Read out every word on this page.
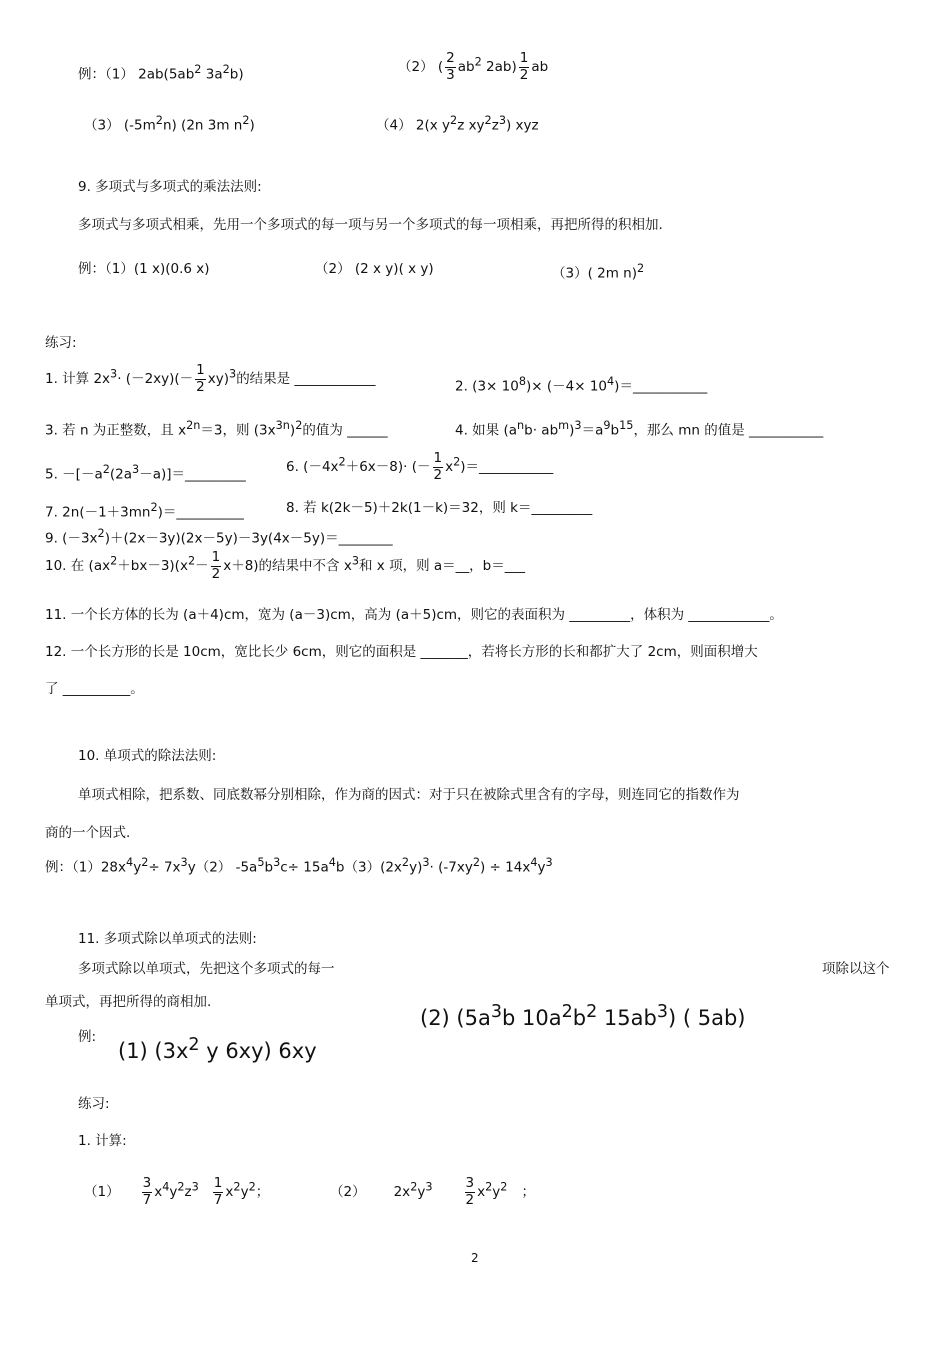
例：（1） $2ab(5ab^2$ $3a^2b$)	（2） ( $\frac{2}{3} ab^2$ $2ab) \frac{1}{2}$ ab
（3） $(-5m^2n)$ (2n 3m $n^2$)	（4） 2(x $y^2z$ $xy^2z^3$) xyz
9. 多项式与多项式的乘法法则:
多项式与多项式相乘，先用一个多项式的每一项与另一个多项式的每一项相乘，再把所得的积相加.
例：（1）(1 x)(0.6 x)	（2） (2 x y)( x y)	（3）( 2m n)$^2$
练习:
1. 计算 $2x^3\cdot (-2xy)(- \frac{1}{2} xy)^3$的结果是 ____________	2. $(3\times 10^8)\times (-4\times$ $10^4)=\_\_\_\_\_\_\_\_\_\_\_$
3. 若 n 为正整数，且 $x^{2n}=3$，则 $(3x^{3n})^2$的值为 ______	4. 如果 $(a^nb\cdot ab^m)^3=a^9b^{15}$，那么 mn 的值是 ___________
5. $-[-a^2(2a^3-a)]=\_\_\_\_\_\_\_\_\_$	6. $(-4x^2+6x-8)\cdot$ (－ $\frac{1}{2}$ $x^2)=\_\_\_\_\_\_\_\_\_\_\_$
7. $2n(-1+3mn^2)=\_\_\_\_\_\_\_\_\_\_$	8. 若 k(2k－5)＋2k(1－k)＝32，则 k＝_________
9. $(-3x^2)+(2x-3y)(2x-5y)-3y(4x-5y)=\_\_\_\_\_\_\_\_$
10. 在 $(ax^2+bx-3)(x^2- \frac{1}{2} x+8)$的结果中不含 $x^3$和 x 项，则 a＝__，b＝___
11. 一个长方体的长为 (a＋4)cm，宽为 (a－3)cm，高为 (a＋5)cm，则它的表面积为 _________，体积为 ____________。
12. 一个长方形的长是 10cm，宽比长少 6cm，则它的面积是 _______，若将长方形的长和都扩大了 2cm，则面积增大
了 __________。
10. 单项式的除法法则:
单项式相除，把系数、同底数幂分别相除，作为商的因式：对于只在被除式里含有的字母，则连同它的指数作为
商的一个因式.
例：$(1)28x^4y^2\div 7x^3y(2)$ $-5a^5b^3c\div 15a^4b(3)(2x^2y)^3\cdot (-7xy^2) \div 14x^4y^3$
11. 多项式除以单项式的法则:
多项式除以单项式，先把这个多项式的每一	项除以这个
单项式，再把所得的商相加.
例:
(1) ($3x^2$ y 6xy) 6xy
(2) ($5a^3b$ $10a^2b^2$ $15ab^3$) ( 5ab)
练习:
1. 计算:
$(1) \frac{3}{7} x^4y^2z^3 \frac{1}{7} x^2y^2$；	（2） $2x^2y^3 \frac{3}{2} x^2y^2$ ；
2
